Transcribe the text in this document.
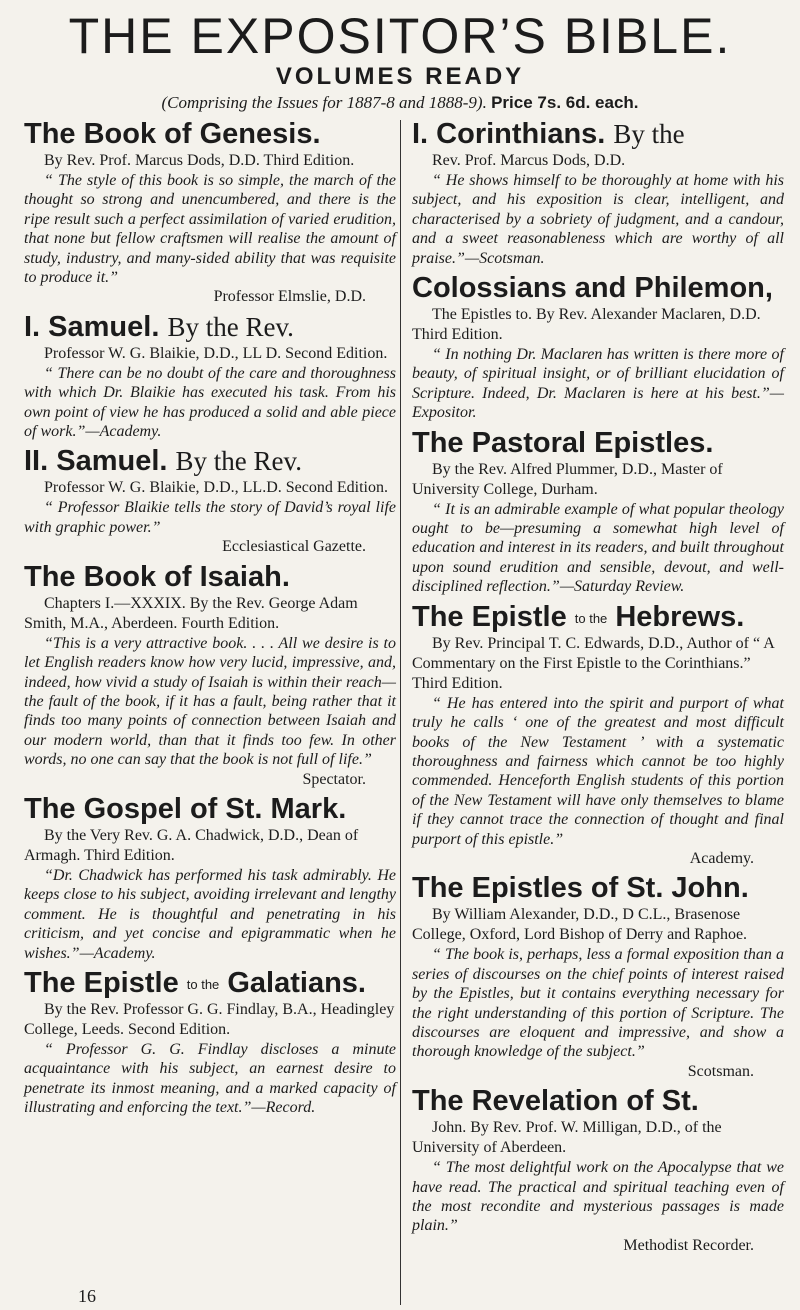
THE EXPOSITOR’S BIBLE.
VOLUMES READY
(Comprising the Issues for 1887-8 and 1888-9). Price 7s. 6d. each.
The Book of Genesis.

By Rev. Prof. Marcus Dods, D.D. Third Edition.

“ The style of this book is so simple, the march of the thought so strong and unencumbered, and there is the ripe result such a perfect assimilation of varied erudition, that none but fellow craftsmen will realise the amount of study, industry, and many-sided ability that was requisite to produce it.”

Professor Elmslie, D.D.

I. Samuel. By the Rev.

Professor W. G. Blaikie, D.D., LL D. Second Edition.

“ There can be no doubt of the care and thoroughness with which Dr. Blaikie has executed his task. From his own point of view he has produced a solid and able piece of work.”—Academy.

II. Samuel. By the Rev.

Professor W. G. Blaikie, D.D., LL.D. Second Edition.

“ Professor Blaikie tells the story of David’s royal life with graphic power.”

Ecclesiastical Gazette.

The Book of Isaiah.

Chapters I.—XXXIX. By the Rev. George Adam Smith, M.A., Aberdeen. Fourth Edition.

“This is a very attractive book. . . . All we desire is to let English readers know how very lucid, impressive, and, indeed, how vivid a study of Isaiah is within their reach—the fault of the book, if it has a fault, being rather that it finds too many points of connection between Isaiah and our modern world, than that it finds too few. In other words, no one can say that the book is not full of life.”

Spectator.

The Gospel of St. Mark.

By the Very Rev. G. A. Chadwick, D.D., Dean of Armagh. Third Edition.

“Dr. Chadwick has performed his task admirably. He keeps close to his subject, avoiding irrelevant and lengthy comment. He is thoughtful and penetrating in his criticism, and yet concise and epigrammatic when he wishes.”—Academy.

The Epistle to the Galatians.

By the Rev. Professor G. G. Findlay, B.A., Headingley College, Leeds. Second Edition.

“ Professor G. G. Findlay discloses a minute acquaintance with his subject, an earnest desire to penetrate its inmost meaning, and a marked capacity of illustrating and enforcing the text.”—Record.

I. Corinthians. By the

Rev. Prof. Marcus Dods, D.D.

“ He shows himself to be thoroughly at home with his subject, and his exposition is clear, intelligent, and characterised by a sobriety of judgment, and a candour, and a sweet reasonableness which are worthy of all praise.”—Scotsman.

Colossians and Philemon,

The Epistles to. By Rev. Alexander Maclaren, D.D. Third Edition.

“ In nothing Dr. Maclaren has written is there more of beauty, of spiritual insight, or of brilliant elucidation of Scripture. Indeed, Dr. Maclaren is here at his best.”—Expositor.

The Pastoral Epistles.

By the Rev. Alfred Plummer, D.D., Master of University College, Durham.

“ It is an admirable example of what popular theology ought to be—presuming a somewhat high level of education and interest in its readers, and built throughout upon sound erudition and sensible, devout, and well-disciplined reflection.”—Saturday Review.

The Epistle to the Hebrews.

By Rev. Principal T. C. Edwards, D.D., Author of “ A Commentary on the First Epistle to the Corinthians.” Third Edition.

“ He has entered into the spirit and purport of what truly he calls ‘ one of the greatest and most difficult books of the New Testament ’ with a systematic thoroughness and fairness which cannot be too highly commended. Henceforth English students of this portion of the New Testament will have only themselves to blame if they cannot trace the connection of thought and final purport of this epistle.”

Academy.

The Epistles of St. John.

By William Alexander, D.D., D C.L., Brasenose College, Oxford, Lord Bishop of Derry and Raphoe.

“ The book is, perhaps, less a formal exposition than a series of discourses on the chief points of interest raised by the Epistles, but it contains everything necessary for the right understanding of this portion of Scripture. The discourses are eloquent and impressive, and show a thorough knowledge of the subject.”

Scotsman.

The Revelation of St.

John. By Rev. Prof. W. Milligan, D.D., of the University of Aberdeen.

“ The most delightful work on the Apocalypse that we have read. The practical and spiritual teaching even of the most recondite and mysterious passages is made plain.”

Methodist Recorder.

16
